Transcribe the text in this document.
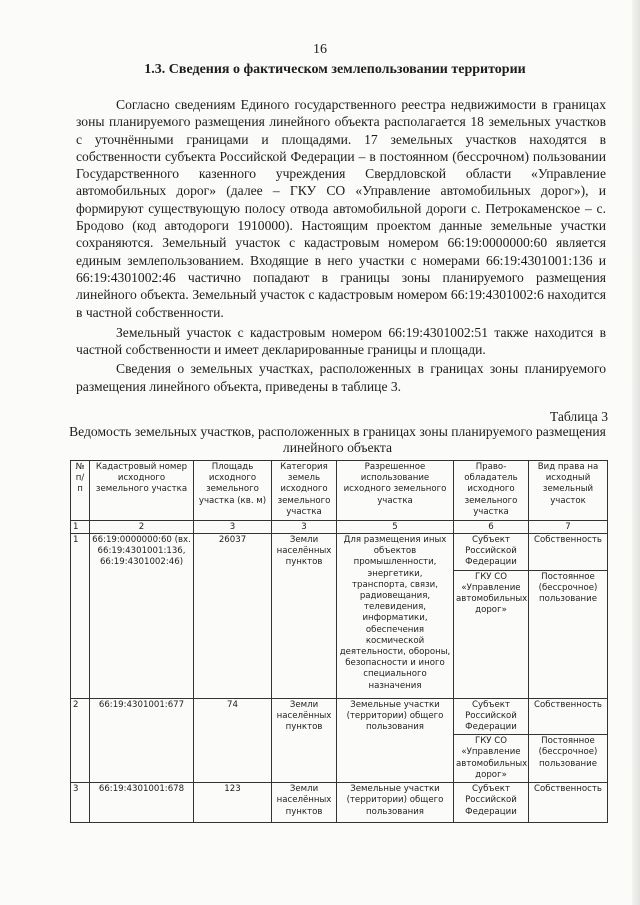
16
1.3. Сведения о фактическом землепользовании территории

Согласно сведениям Единого государственного реестра недвижимости в границах зоны планируемого размещения линейного объекта располагается 18 земельных участков с уточнёнными границами и площадями. 17 земельных участков находятся в собственности субъекта Российской Федерации – в постоянном (бессрочном) пользовании Государственного казенного учреждения Свердловской области «Управление автомобильных дорог» (далее – ГКУ СО «Управление автомобильных дорог»), и формируют существующую полосу отвода автомобильной дороги с. Петрокаменское – с. Бродово (код автодороги 1910000). Настоящим проектом данные земельные участки сохраняются. Земельный участок с кадастровым номером 66:19:0000000:60 является единым землепользованием. Входящие в него участки с номерами 66:19:4301001:136 и 66:19:4301002:46 частично попадают в границы зоны планируемого размещения линейного объекта. Земельный участок с кадастровым номером 66:19:4301002:6 находится в частной собственности.

Земельный участок с кадастровым номером 66:19:4301002:51 также находится в частной собственности и имеет декларированные границы и площади.

Сведения о земельных участках, расположенных в границах зоны планируемого размещения линейного объекта, приведены в таблице 3.

Таблица 3
Ведомость земельных участков, расположенных в границах зоны планируемого размещения линейного объекта
№ п/п	Кадастровый номер исходного земельного участка	Площадь исходного земельного участка (кв. м)	Категория земель исходного земельного участка	Разрешенное использование исходного земельного участка	Право-обладатель исходного земельного участка	Вид права на исходный земельный участок
1	2	3	3	5	6	7
1	66:19:0000000:60 (вх. 66:19:4301001:136, 66:19:4301002:46)	26037	Земли населённых пунктов	Для размещения иных объектов промышленности, энергетики, транспорта, связи, радиовещания, телевидения, информатики, обеспечения космической деятельности, обороны, безопасности и иного специального назначения	Субъект Российской Федерации	Собственность
					ГКУ СО «Управление автомобильных дорог»	Постоянное (бессрочное) пользование
2	66:19:4301001:677	74	Земли населённых пунктов	Земельные участки (территории) общего пользования	Субъект Российской Федерации	Собственность
					ГКУ СО «Управление автомобильных дорог»	Постоянное (бессрочное) пользование
3	66:19:4301001:678	123	Земли населённых пунктов	Земельные участки (территории) общего пользования	Субъект Российской Федерации	Собственность
